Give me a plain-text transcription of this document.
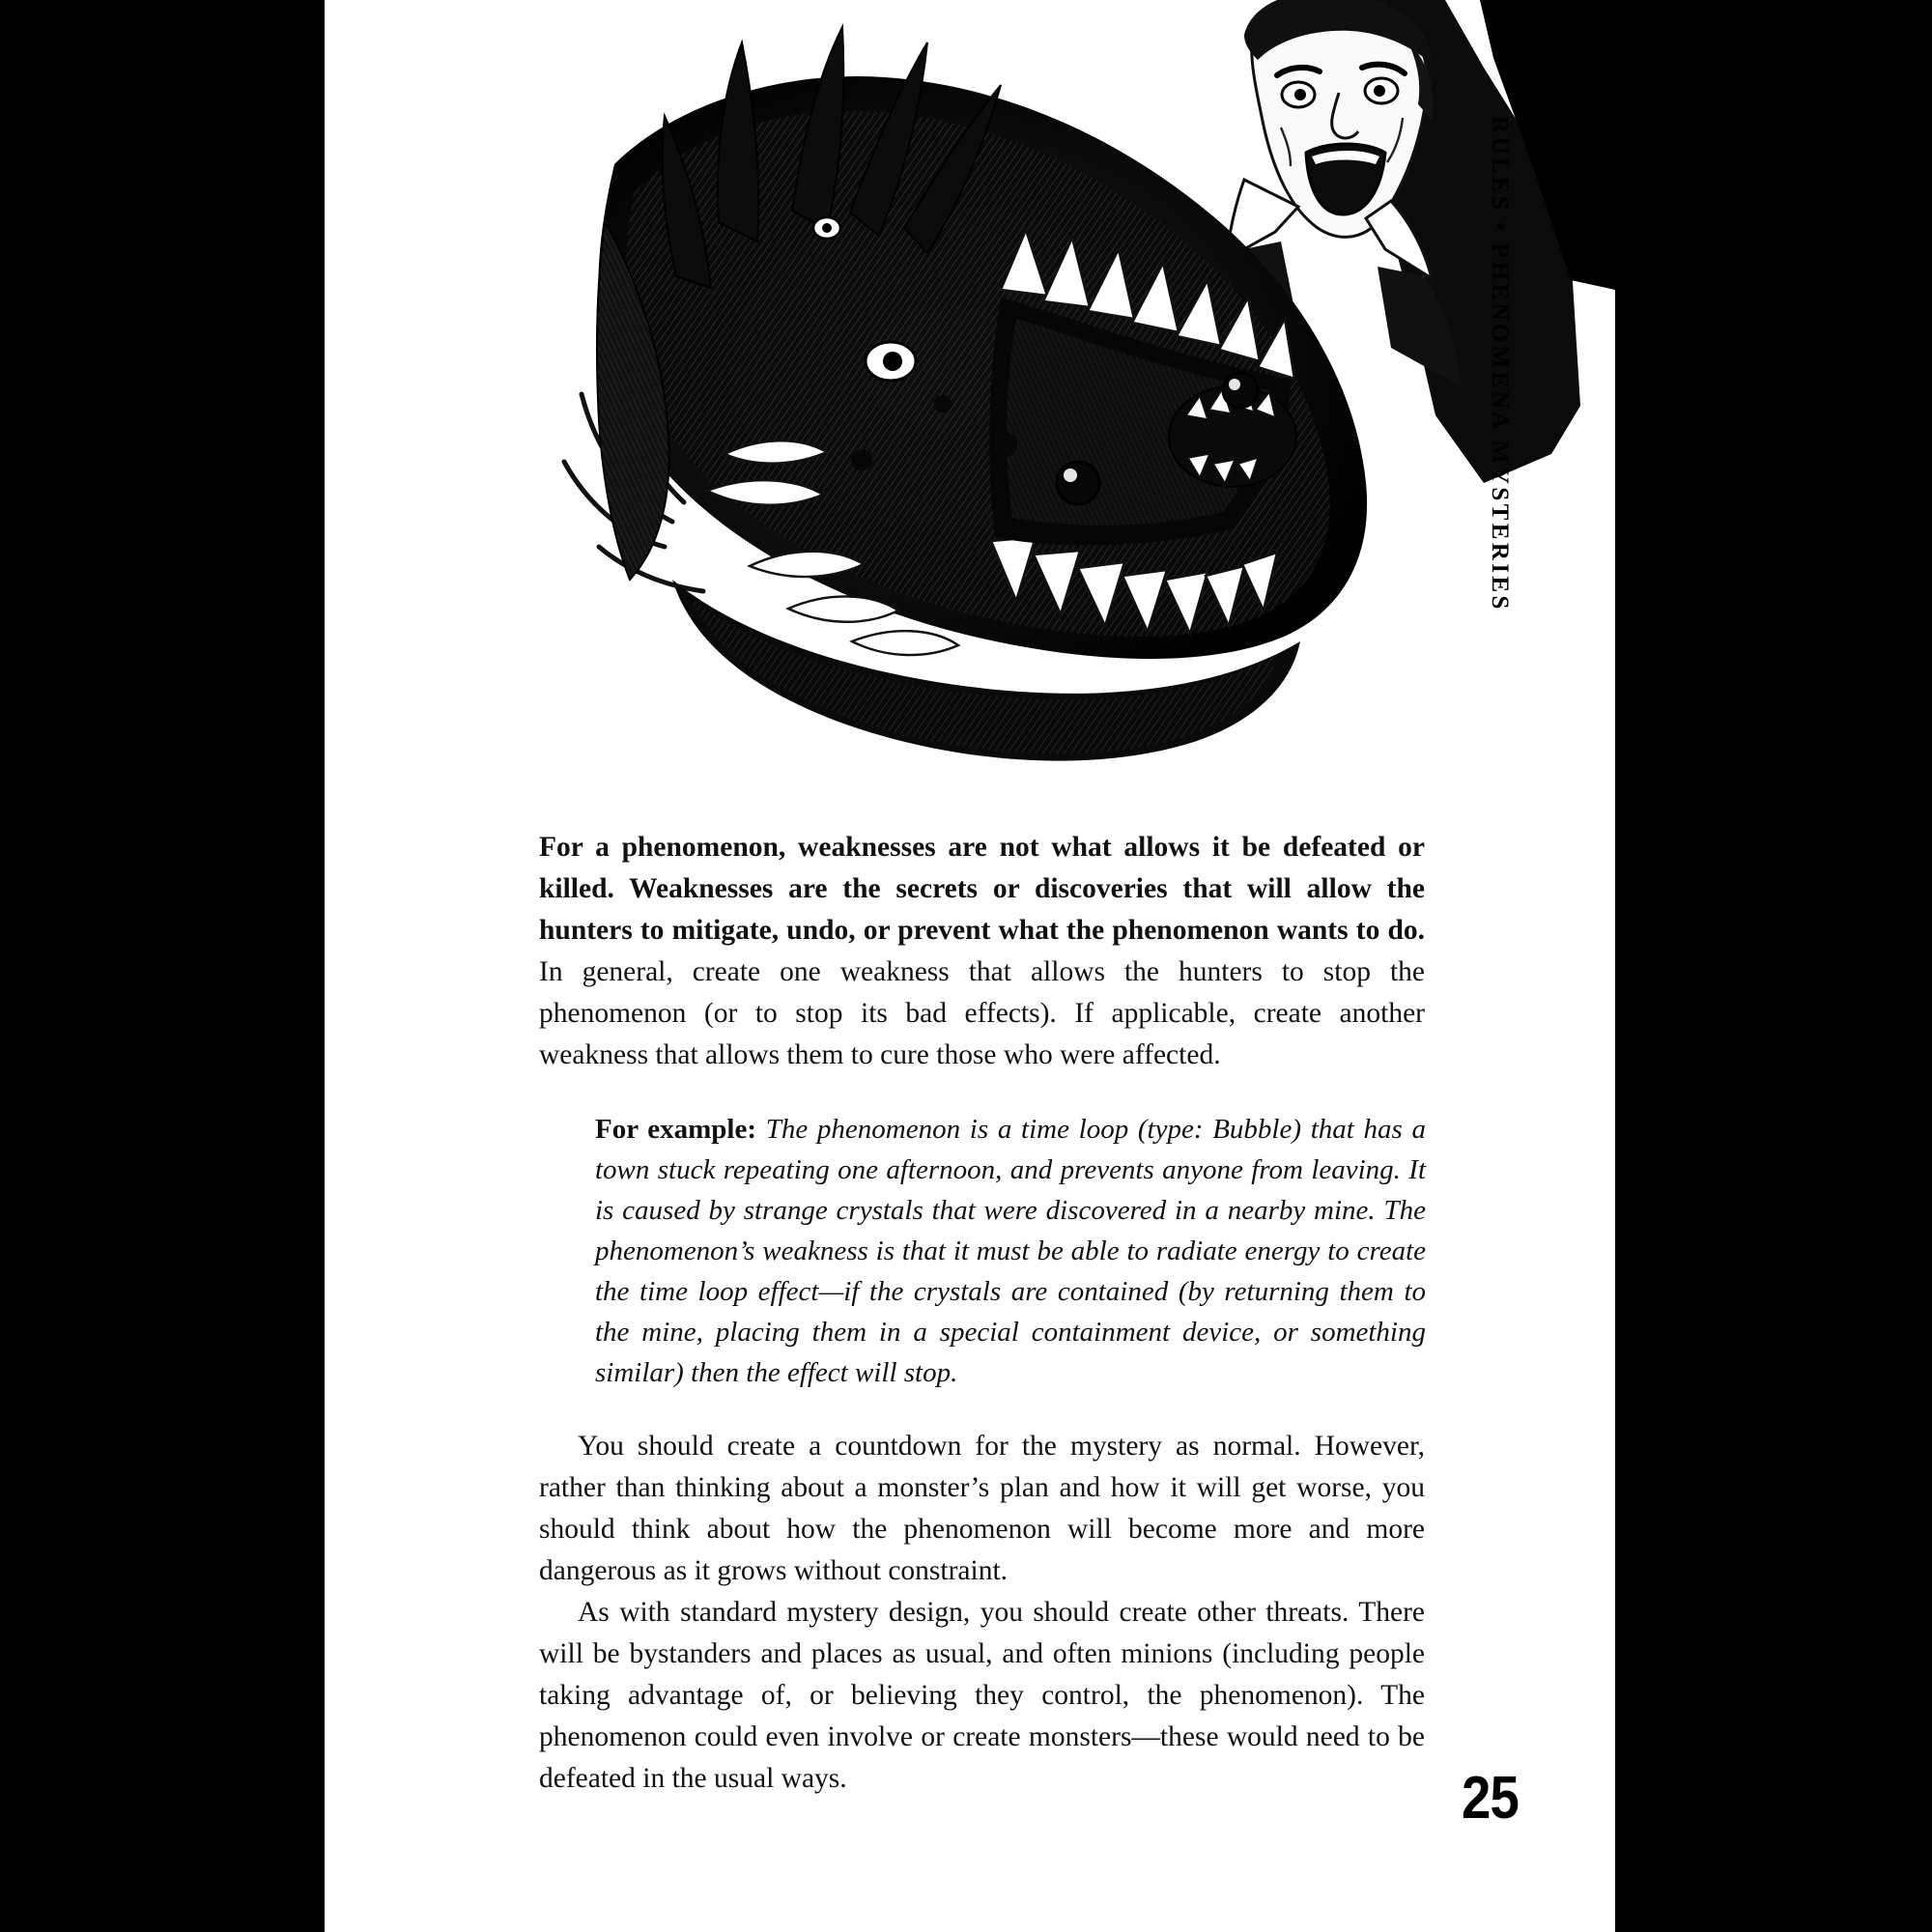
RULES • PHENOMENA MYSTERIES

For a phenomenon, weaknesses are not what allows it be defeated or killed. Weaknesses are the secrets or discoveries that will allow the hunters to mitigate, undo, or prevent what the phenomenon wants to do. In general, create one weakness that allows the hunters to stop the phenomenon (or to stop its bad effects). If applicable, create another weakness that allows them to cure those who were affected.

For example: The phenomenon is a time loop (type: Bubble) that has a town stuck repeating one afternoon, and prevents anyone from leaving. It is caused by strange crystals that were discovered in a nearby mine. The phenomenon’s weakness is that it must be able to radiate energy to create the time loop effect—if the crystals are contained (by returning them to the mine, placing them in a special containment device, or something similar) then the effect will stop.

You should create a countdown for the mystery as normal. However, rather than thinking about a monster’s plan and how it will get worse, you should think about how the phenomenon will become more and more dangerous as it grows without constraint.

As with standard mystery design, you should create other threats. There will be bystanders and places as usual, and often minions (including people taking advantage of, or believing they control, the phenomenon). The phenomenon could even involve or create monsters—these would need to be defeated in the usual ways.	25
